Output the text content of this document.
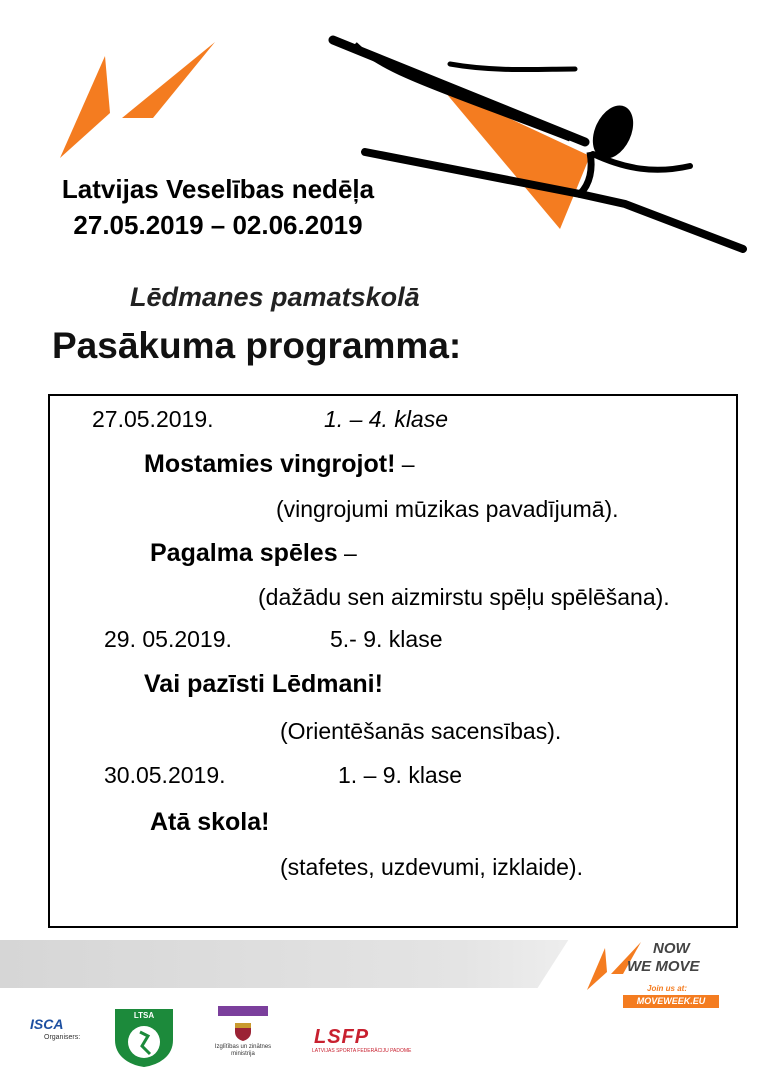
Latvijas Veselības nedēļa
27.05.2019 – 02.06.2019
Lēdmanes pamatskolā
Pasākuma programma:
27.05.2019.	1. – 4. klase
Mostamies vingrojot! –
(vingrojumi mūzikas pavadījumā).
Pagalma spēles –
(dažādu sen aizmirstu spēļu spēlēšana).
29. 05.2019.	5.- 9. klase
Vai pazīsti Lēdmani!
(Orientēšanās sacensības).
30.05.2019.	1. – 9. klase
Atā skola!
(stafetes, uzdevumi, izklaide).
NOW
WE MOVE
Join us at:
MOVEWEEK.EU
ISCA
Organisers:
LTSA
Izglītības un zinātnes ministrija
LSFP
LATVIJAS SPORTA FEDERĀCIJU PADOME
